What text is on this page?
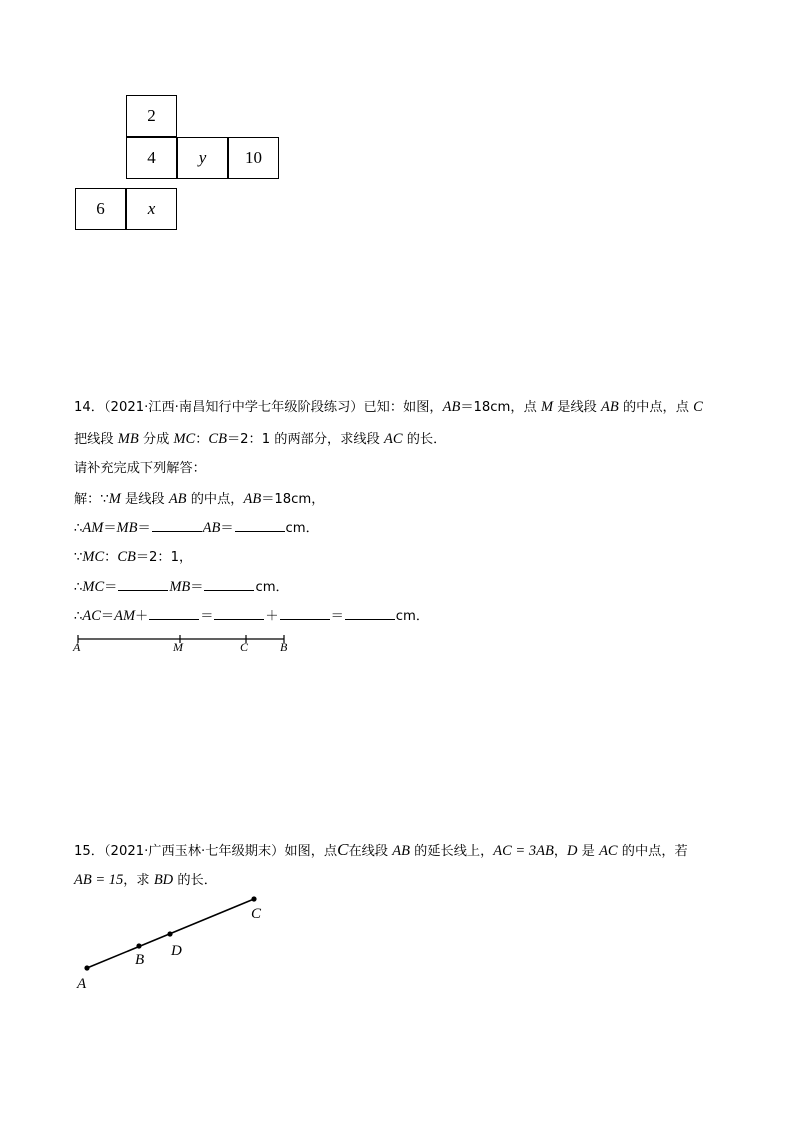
2
4	y	10
6	x
14．（2021·江西·南昌知行中学七年级阶段练习）已知：如图，AB＝18cm，点 M 是线段 AB 的中点，点 C
把线段 MB 分成 MC：CB＝2：1 的两部分，求线段 AC 的长．
请补充完成下列解答：
解：∵M 是线段 AB 的中点，AB＝18cm，
∴AM＝MB＝	AB＝	cm．
∵MC：CB＝2：1，
∴MC＝	MB＝	cm．
∴AC＝AM＋	＝	＋	＝	cm．
A	M	C	B
15．（2021·广西玉林·七年级期末）如图，点C在线段 AB 的延长线上，AC = 3AB，D 是 AC 的中点，若
AB = 15，求 BD 的长．
A
B
D
C
